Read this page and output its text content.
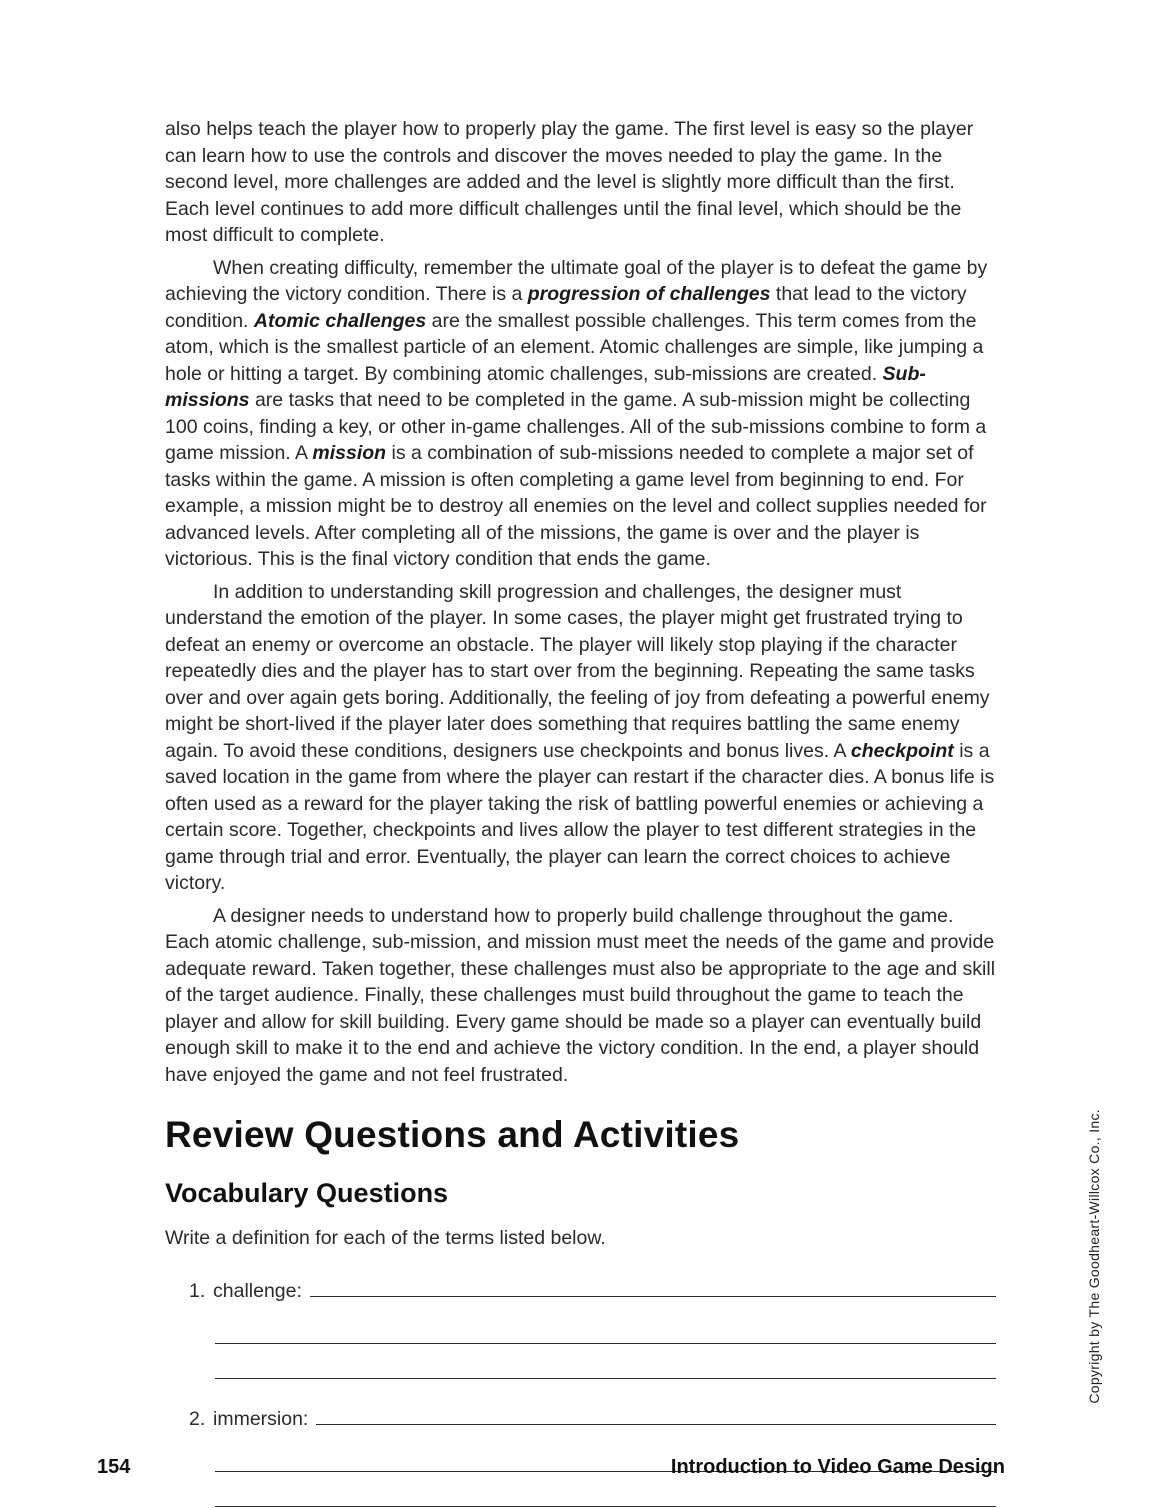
also helps teach the player how to properly play the game. The first level is easy so the player can learn how to use the controls and discover the moves needed to play the game. In the second level, more challenges are added and the level is slightly more difficult than the first. Each level continues to add more difficult challenges until the final level, which should be the most difficult to complete.

When creating difficulty, remember the ultimate goal of the player is to defeat the game by achieving the victory condition. There is a progression of challenges that lead to the victory condition. Atomic challenges are the smallest possible challenges. This term comes from the atom, which is the smallest particle of an element. Atomic challenges are simple, like jumping a hole or hitting a target. By combining atomic challenges, sub-missions are created. Sub-missions are tasks that need to be completed in the game. A sub-mission might be collecting 100 coins, finding a key, or other in-game challenges. All of the sub-missions combine to form a game mission. A mission is a combination of sub-missions needed to complete a major set of tasks within the game. A mission is often completing a game level from beginning to end. For example, a mission might be to destroy all enemies on the level and collect supplies needed for advanced levels. After completing all of the missions, the game is over and the player is victorious. This is the final victory condition that ends the game.

In addition to understanding skill progression and challenges, the designer must understand the emotion of the player. In some cases, the player might get frustrated trying to defeat an enemy or overcome an obstacle. The player will likely stop playing if the character repeatedly dies and the player has to start over from the beginning. Repeating the same tasks over and over again gets boring. Additionally, the feeling of joy from defeating a powerful enemy might be short-lived if the player later does something that requires battling the same enemy again. To avoid these conditions, designers use checkpoints and bonus lives. A checkpoint is a saved location in the game from where the player can restart if the character dies. A bonus life is often used as a reward for the player taking the risk of battling powerful enemies or achieving a certain score. Together, checkpoints and lives allow the player to test different strategies in the game through trial and error. Eventually, the player can learn the correct choices to achieve victory.

A designer needs to understand how to properly build challenge throughout the game. Each atomic challenge, sub-mission, and mission must meet the needs of the game and provide adequate reward. Taken together, these challenges must also be appropriate to the age and skill of the target audience. Finally, these challenges must build throughout the game to teach the player and allow for skill building. Every game should be made so a player can eventually build enough skill to make it to the end and achieve the victory condition. In the end, a player should have enjoyed the game and not feel frustrated.

Review Questions and Activities
Vocabulary Questions

Write a definition for each of the terms listed below.

1. challenge:
2. immersion:
Copyright by The Goodheart-Willcox Co., Inc.
154	Introduction to Video Game Design
